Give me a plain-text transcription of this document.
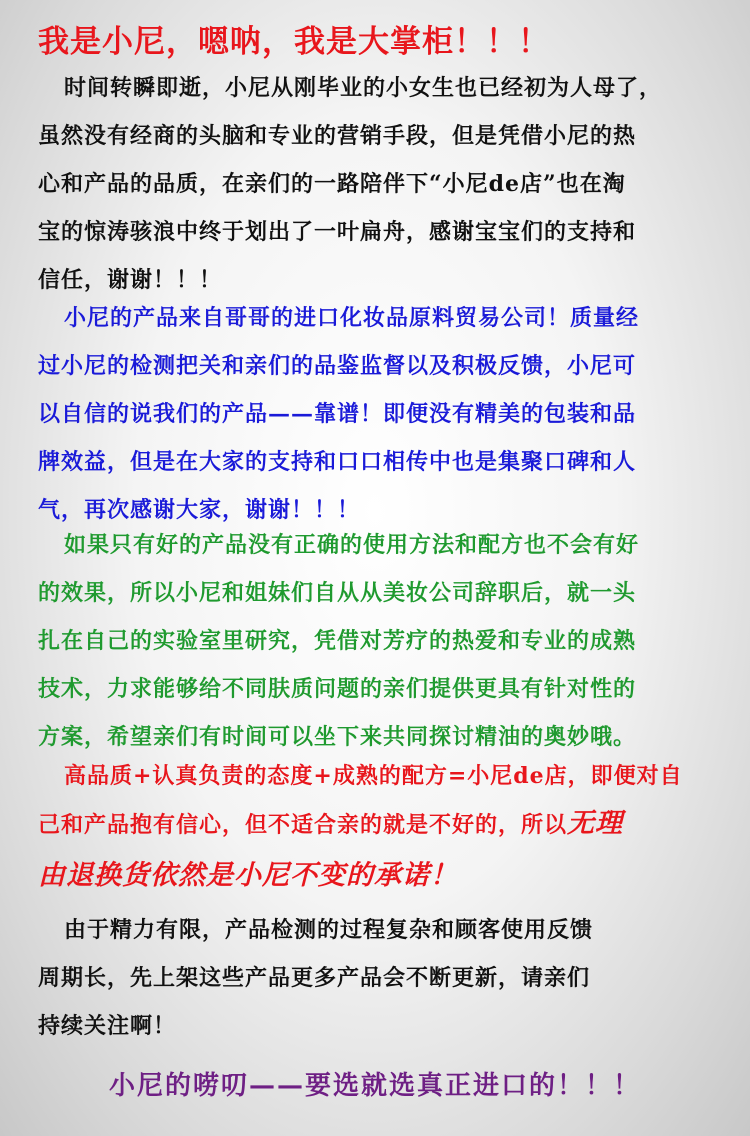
我是小尼，嗯呐，我是大掌柜！！！

时间转瞬即逝，小尼从刚毕业的小女生也已经初为人母了，
虽然没有经商的头脑和专业的营销手段，但是凭借小尼的热
心和产品的品质，在亲们的一路陪伴下“小尼de店”也在淘
宝的惊涛骇浪中终于划出了一叶扁舟，感谢宝宝们的支持和
信任，谢谢！！！

小尼的产品来自哥哥的进口化妆品原料贸易公司！质量经
过小尼的检测把关和亲们的品鉴监督以及积极反馈，小尼可
以自信的说我们的产品——靠谱！即便没有精美的包装和品
牌效益，但是在大家的支持和口口相传中也是集聚口碑和人
气，再次感谢大家，谢谢！！！

如果只有好的产品没有正确的使用方法和配方也不会有好
的效果，所以小尼和姐妹们自从从美妆公司辞职后，就一头
扎在自己的实验室里研究，凭借对芳疗的热爱和专业的成熟
技术，力求能够给不同肤质问题的亲们提供更具有针对性的
方案，希望亲们有时间可以坐下来共同探讨精油的奥妙哦。

高品质+认真负责的态度+成熟的配方=小尼de店，即便对自
己和产品抱有信心，但不适合亲的就是不好的，所以无理
由退换货依然是小尼不变的承诺！

由于精力有限，产品检测的过程复杂和顾客使用反馈
周期长，先上架这些产品更多产品会不断更新，请亲们
持续关注啊！

小尼的唠叨——要选就选真正进口的！！！
